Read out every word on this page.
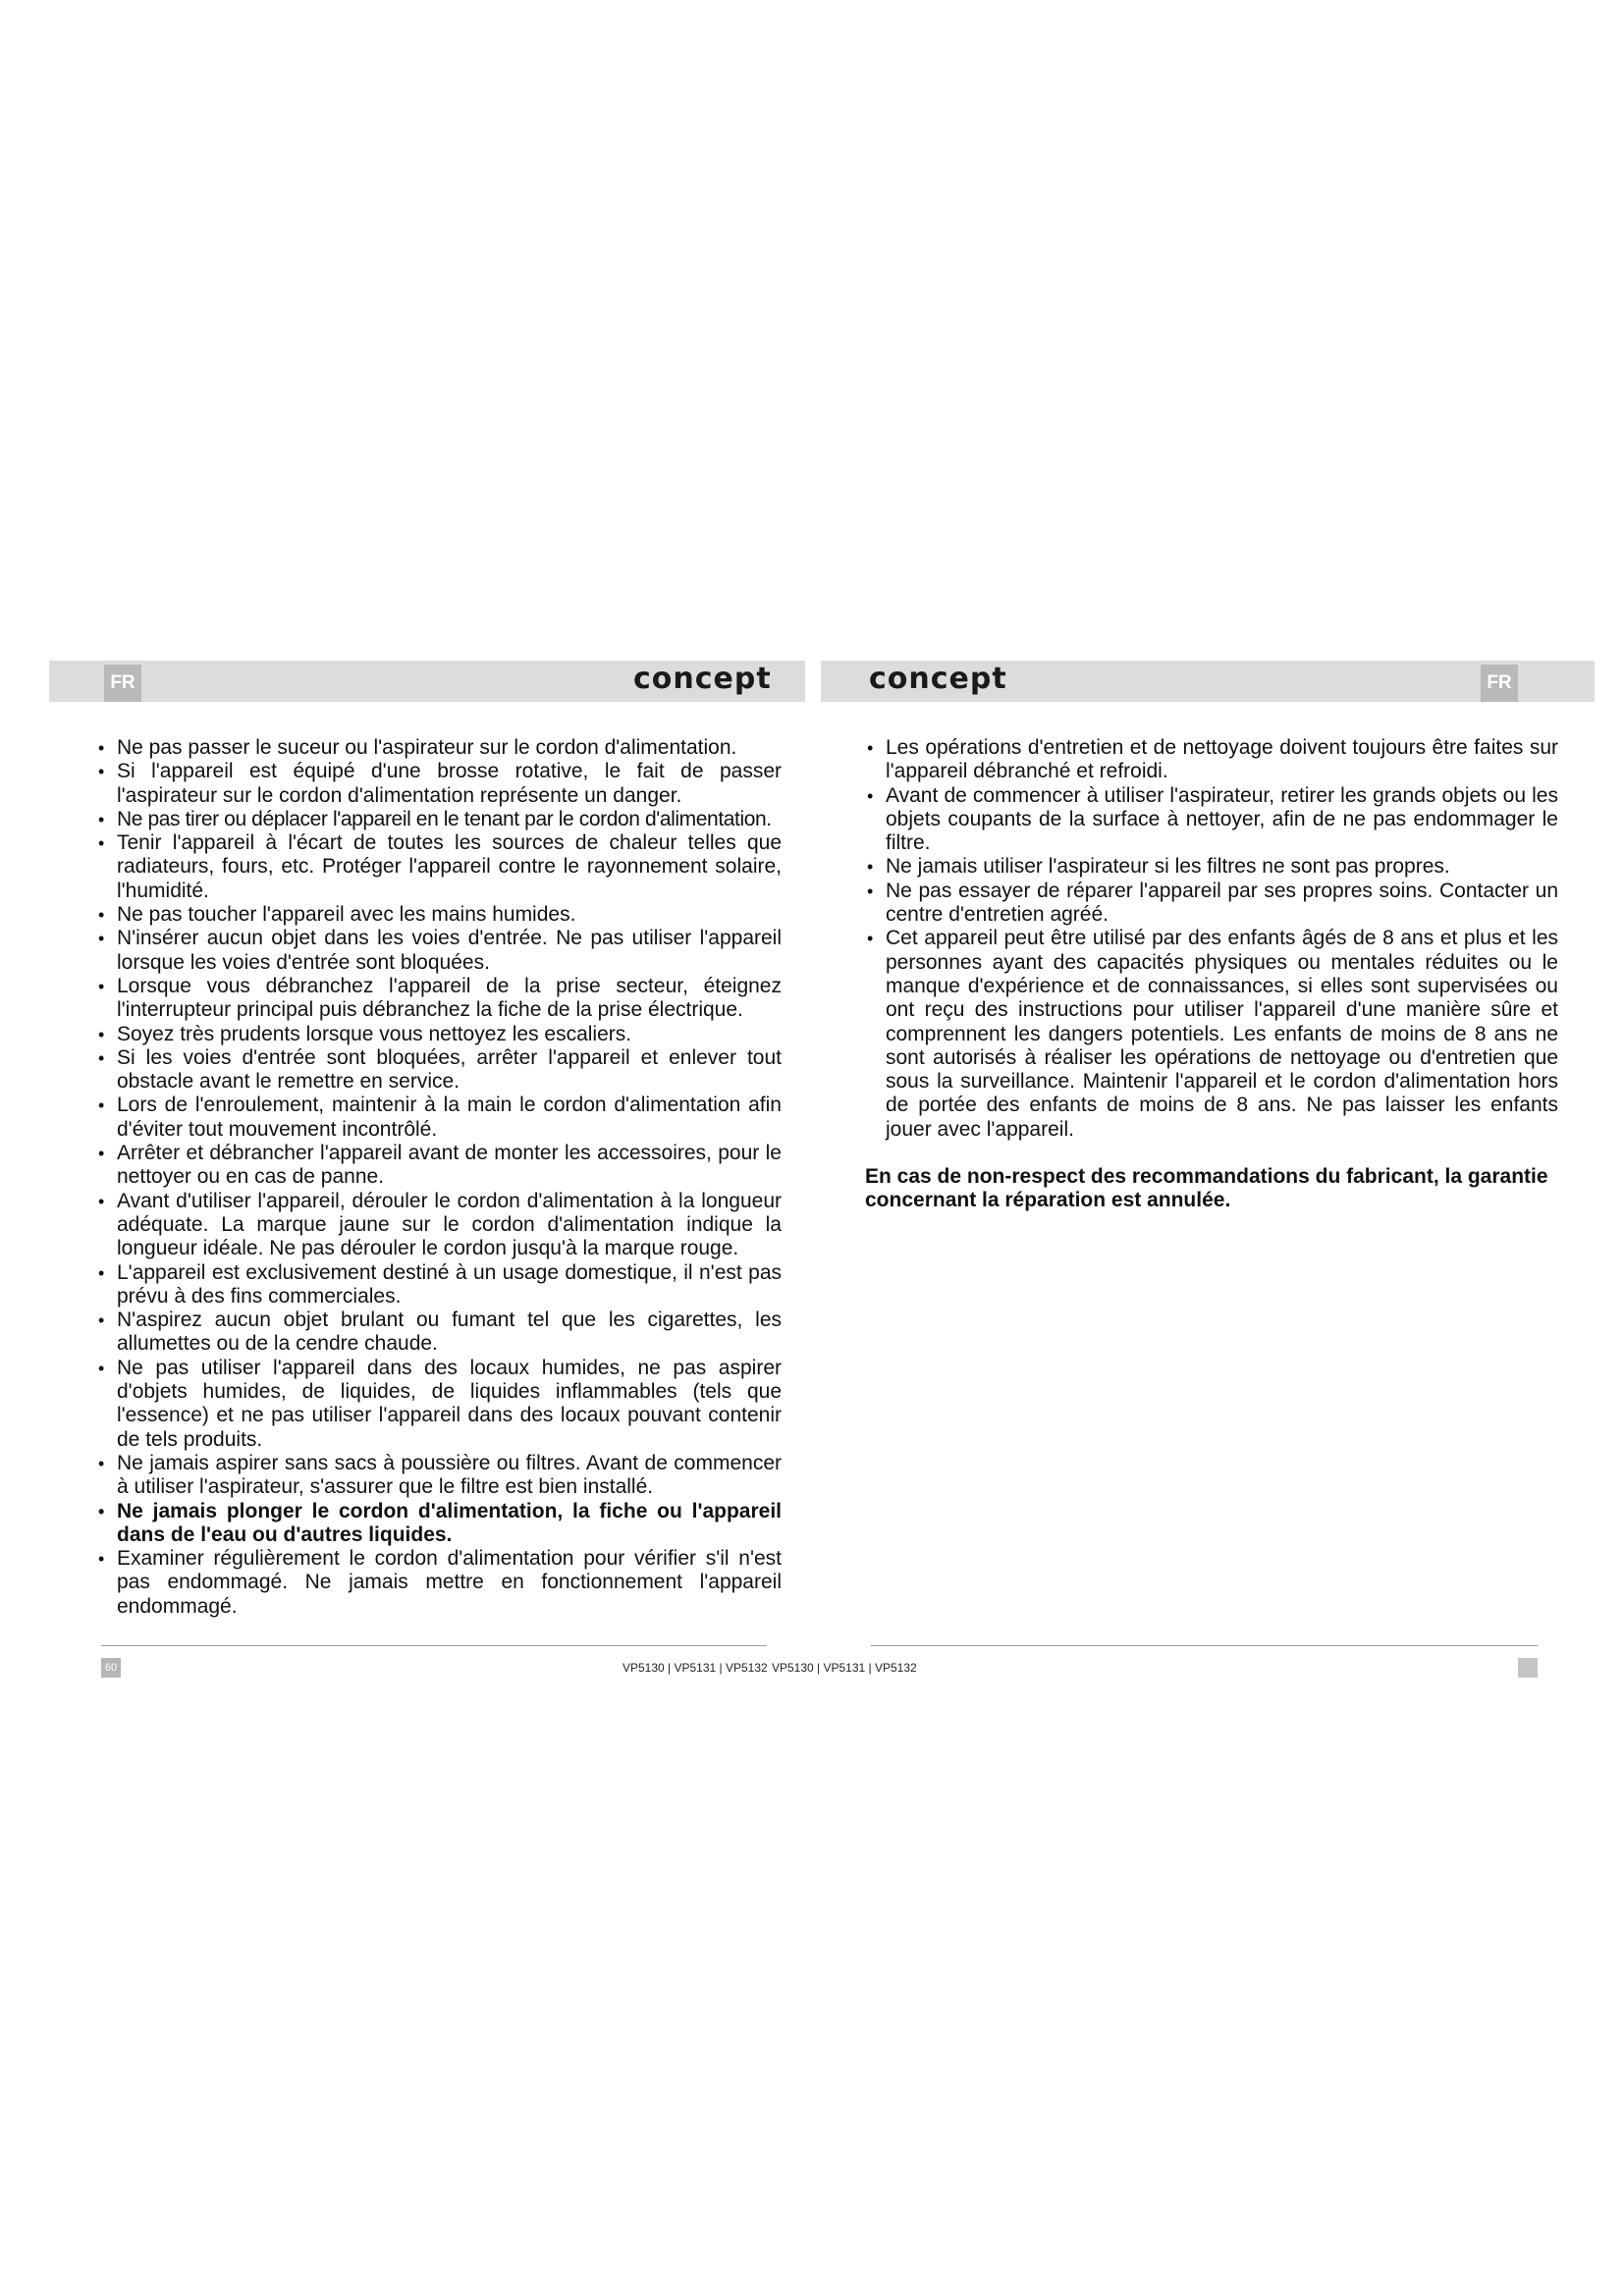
FR	FR
concept	concept
• Ne pas passer le suceur ou l'aspirateur sur le cordon d'alimentation.
• Si l'appareil est équipé d'une brosse rotative, le fait de passer l'aspirateur sur le cordon d'alimentation représente un danger.
• Ne pas tirer ou déplacer l'appareil en le tenant par le cordon d'alimentation.
• Tenir l'appareil à l'écart de toutes les sources de chaleur telles que radiateurs, fours, etc. Protéger l'appareil contre le rayonnement solaire, l'humidité.
• Ne pas toucher l'appareil avec les mains humides.
• N'insérer aucun objet dans les voies d'entrée. Ne pas utiliser l'appareil lorsque les voies d'entrée sont bloquées.
• Lorsque vous débranchez l'appareil de la prise secteur, éteignez l'interrupteur principal puis débranchez la fiche de la prise électrique.
• Soyez très prudents lorsque vous nettoyez les escaliers.
• Si les voies d'entrée sont bloquées, arrêter l'appareil et enlever tout obstacle avant le remettre en service.
• Lors de l'enroulement, maintenir à la main le cordon d'alimentation afin d'éviter tout mouvement incontrôlé.
• Arrêter et débrancher l'appareil avant de monter les accessoires, pour le nettoyer ou en cas de panne.
• Avant d'utiliser l'appareil, dérouler le cordon d'alimentation à la longueur adéquate. La marque jaune sur le cordon d'alimentation indique la longueur idéale. Ne pas dérouler le cordon jusqu'à la marque rouge.
• L'appareil est exclusivement destiné à un usage domestique, il n'est pas prévu à des fins commerciales.
• N'aspirez aucun objet brulant ou fumant tel que les cigarettes, les allumettes ou de la cendre chaude.
• Ne pas utiliser l'appareil dans des locaux humides, ne pas aspirer d'objets humides, de liquides, de liquides inflammables (tels que l'essence) et ne pas utiliser l'appareil dans des locaux pouvant contenir de tels produits.
• Ne jamais aspirer sans sacs à poussière ou filtres. Avant de commencer à utiliser l'aspirateur, s'assurer que le filtre est bien installé.
• Ne jamais plonger le cordon d'alimentation, la fiche ou l'appareil dans de l'eau ou d'autres liquides.
• Examiner régulièrement le cordon d'alimentation pour vérifier s'il n'est pas endommagé. Ne jamais mettre en fonctionnement l'appareil endommagé.
• Les opérations d'entretien et de nettoyage doivent toujours être faites sur l'appareil débranché et refroidi.
• Avant de commencer à utiliser l'aspirateur, retirer les grands objets ou les objets coupants de la surface à nettoyer, afin de ne pas endommager le filtre.
• Ne jamais utiliser l'aspirateur si les filtres ne sont pas propres.
• Ne pas essayer de réparer l'appareil par ses propres soins. Contacter un centre d'entretien agréé.
• Cet appareil peut être utilisé par des enfants âgés de 8 ans et plus et les personnes ayant des capacités physiques ou mentales réduites ou le manque d'expérience et de connaissances, si elles sont supervisées ou ont reçu des instructions pour utiliser l'appareil d'une manière sûre et comprennent les dangers potentiels. Les enfants de moins de 8 ans ne sont autorisés à réaliser les opérations de nettoyage ou d'entretien que sous la surveillance. Maintenir l'appareil et le cordon d'alimentation hors de portée des enfants de moins de 8 ans. Ne pas laisser les enfants jouer avec l'appareil.
En cas de non-respect des recommandations du fabricant, la garantie concernant la réparation est annulée.
60	VP5130 | VP5131 | VP5132 VP5130 | VP5131 | VP5132
